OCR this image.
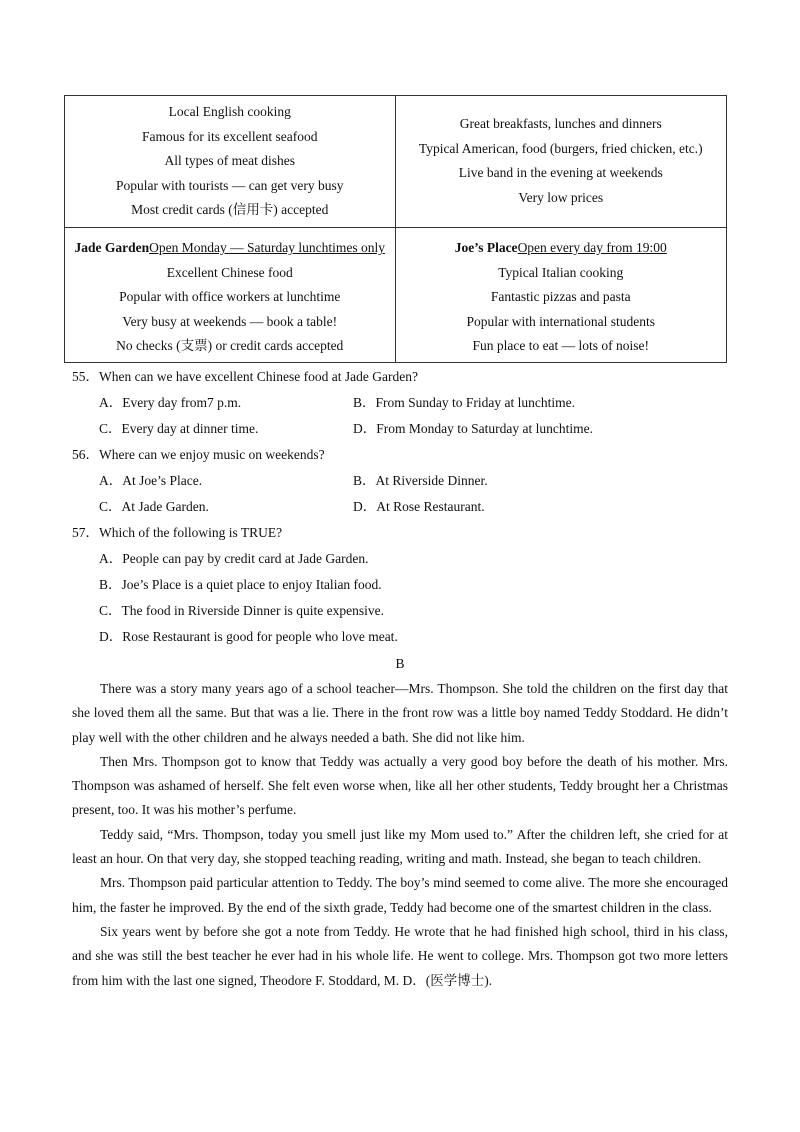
Local English cooking
Famous for its excellent seafood
All types of meat dishes
Popular with tourists — can get very busy
Most credit cards (信用卡) accepted
Great breakfasts, lunches and dinners
Typical American, food (burgers, fried chicken, etc.)
Live band in the evening at weekends
Very low prices
Jade GardenOpen Monday — Saturday lunchtimes only
Excellent Chinese food
Popular with office workers at lunchtime
Very busy at weekends — book a table!
No checks (支票) or credit cards accepted
Joe’s PlaceOpen every day from 19:00
Typical Italian cooking
Fantastic pizzas and pasta
Popular with international students
Fun place to eat — lots of noise!
55．When can we have excellent Chinese food at Jade Garden?
A．Every day from7 p.m.	B．From Sunday to Friday at lunchtime.
C．Every day at dinner time.	D．From Monday to Saturday at lunchtime.
56．Where can we enjoy music on weekends?
A．At Joe’s Place.	B．At Riverside Dinner.
C．At Jade Garden.	D．At Rose Restaurant.
57．Which of the following is TRUE?
A．People can pay by credit card at Jade Garden.
B．Joe’s Place is a quiet place to enjoy Italian food.
C．The food in Riverside Dinner is quite expensive.
D．Rose Restaurant is good for people who love meat.
B

There was a story many years ago of a school teacher—Mrs. Thompson. She told the children on the first day that she loved them all the same. But that was a lie. There in the front row was a little boy named Teddy Stoddard. He didn’t play well with the other children and he always needed a bath. She did not like him.

Then Mrs. Thompson got to know that Teddy was actually a very good boy before the death of his mother. Mrs. Thompson was ashamed of herself. She felt even worse when, like all her other students, Teddy brought her a Christmas present, too. It was his mother’s perfume.

Teddy said, “Mrs. Thompson, today you smell just like my Mom used to.” After the children left, she cried for at least an hour. On that very day, she stopped teaching reading, writing and math. Instead, she began to teach children.

Mrs. Thompson paid particular attention to Teddy. The boy’s mind seemed to come alive. The more she encouraged him, the faster he improved. By the end of the sixth grade, Teddy had become one of the smartest children in the class.

Six years went by before she got a note from Teddy. He wrote that he had finished high school, third in his class, and she was still the best teacher he ever had in his whole life. He went to college. Mrs. Thompson got two more letters from him with the last one signed, Theodore F. Stoddard, M. D．(医学博士).
